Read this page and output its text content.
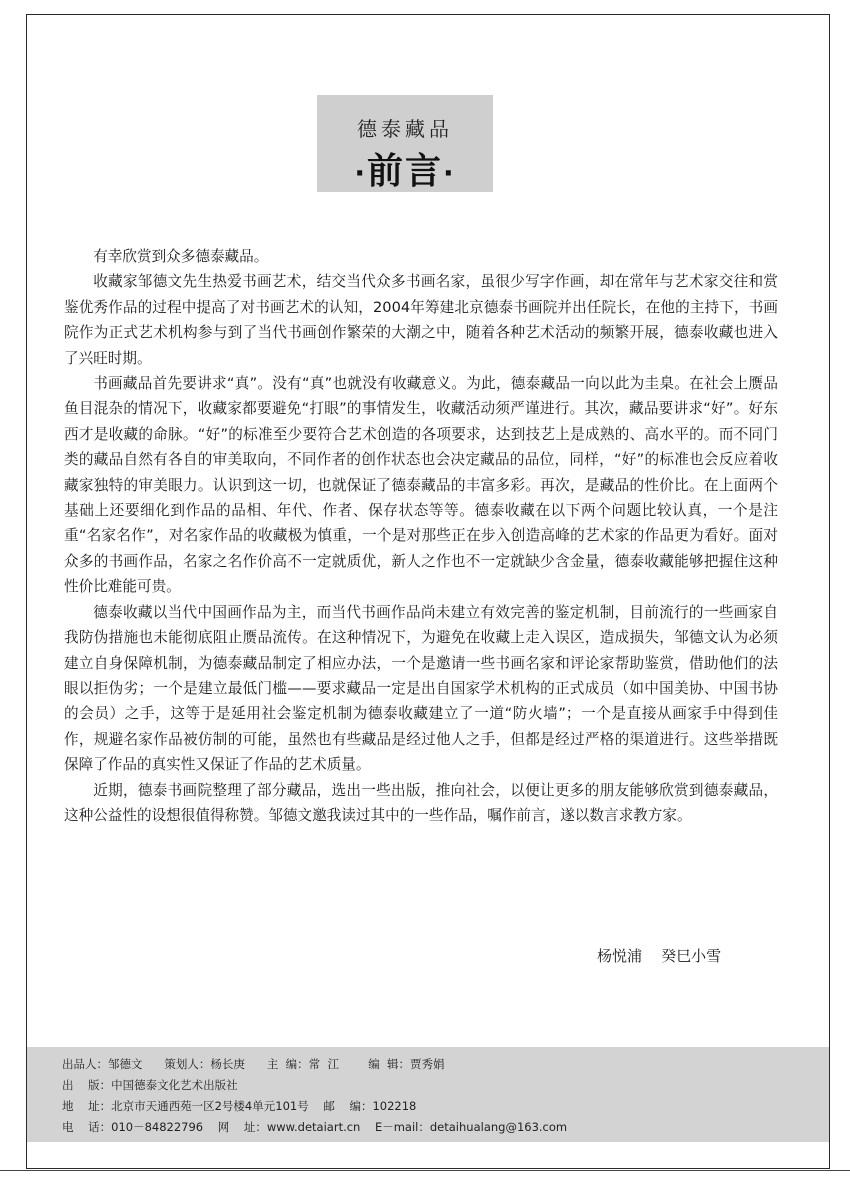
德泰藏品
·前言·

有幸欣赏到众多德泰藏品。

收藏家邹德文先生热爱书画艺术，结交当代众多书画名家，虽很少写字作画，却在常年与艺术家交往和赏鉴优秀作品的过程中提高了对书画艺术的认知，2004年筹建北京德泰书画院并出任院长，在他的主持下，书画院作为正式艺术机构参与到了当代书画创作繁荣的大潮之中，随着各种艺术活动的频繁开展，德泰收藏也进入了兴旺时期。

书画藏品首先要讲求“真”。没有“真”也就没有收藏意义。为此，德泰藏品一向以此为圭臬。在社会上赝品鱼目混杂的情况下，收藏家都要避免“打眼”的事情发生，收藏活动须严谨进行。其次，藏品要讲求“好”。好东西才是收藏的命脉。“好”的标准至少要符合艺术创造的各项要求，达到技艺上是成熟的、高水平的。而不同门类的藏品自然有各自的审美取向，不同作者的创作状态也会决定藏品的品位，同样，“好”的标准也会反应着收藏家独特的审美眼力。认识到这一切，也就保证了德泰藏品的丰富多彩。再次，是藏品的性价比。在上面两个基础上还要细化到作品的品相、年代、作者、保存状态等等。德泰收藏在以下两个问题比较认真，一个是注重“名家名作”，对名家作品的收藏极为慎重，一个是对那些正在步入创造高峰的艺术家的作品更为看好。面对众多的书画作品，名家之名作价高不一定就质优，新人之作也不一定就缺少含金量，德泰收藏能够把握住这种性价比难能可贵。

德泰收藏以当代中国画作品为主，而当代书画作品尚未建立有效完善的鉴定机制，目前流行的一些画家自我防伪措施也未能彻底阻止赝品流传。在这种情况下，为避免在收藏上走入误区，造成损失，邹德文认为必须建立自身保障机制，为德泰藏品制定了相应办法，一个是邀请一些书画名家和评论家帮助鉴赏，借助他们的法眼以拒伪劣；一个是建立最低门槛——要求藏品一定是出自国家学术机构的正式成员（如中国美协、中国书协的会员）之手，这等于是延用社会鉴定机制为德泰收藏建立了一道“防火墙”；一个是直接从画家手中得到佳作，规避名家作品被仿制的可能，虽然也有些藏品是经过他人之手，但都是经过严格的渠道进行。这些举措既保障了作品的真实性又保证了作品的艺术质量。

近期，德泰书画院整理了部分藏品，选出一些出版，推向社会，以便让更多的朋友能够欣赏到德泰藏品，这种公益性的设想很值得称赞。邹德文邀我读过其中的一些作品，嘱作前言，遂以数言求教方家。

杨悦浦    癸巳小雪
出品人：邹德文      策划人：杨长庚      主  编：常  江        编  辑：贾秀娟
出    版：中国德泰文化艺术出版社
地    址：北京市天通西苑一区2号楼4单元101号    邮    编：102218
电    话：010－84822796    网    址：www.detaiart.cn    E－mail：detaihualang@163.com
